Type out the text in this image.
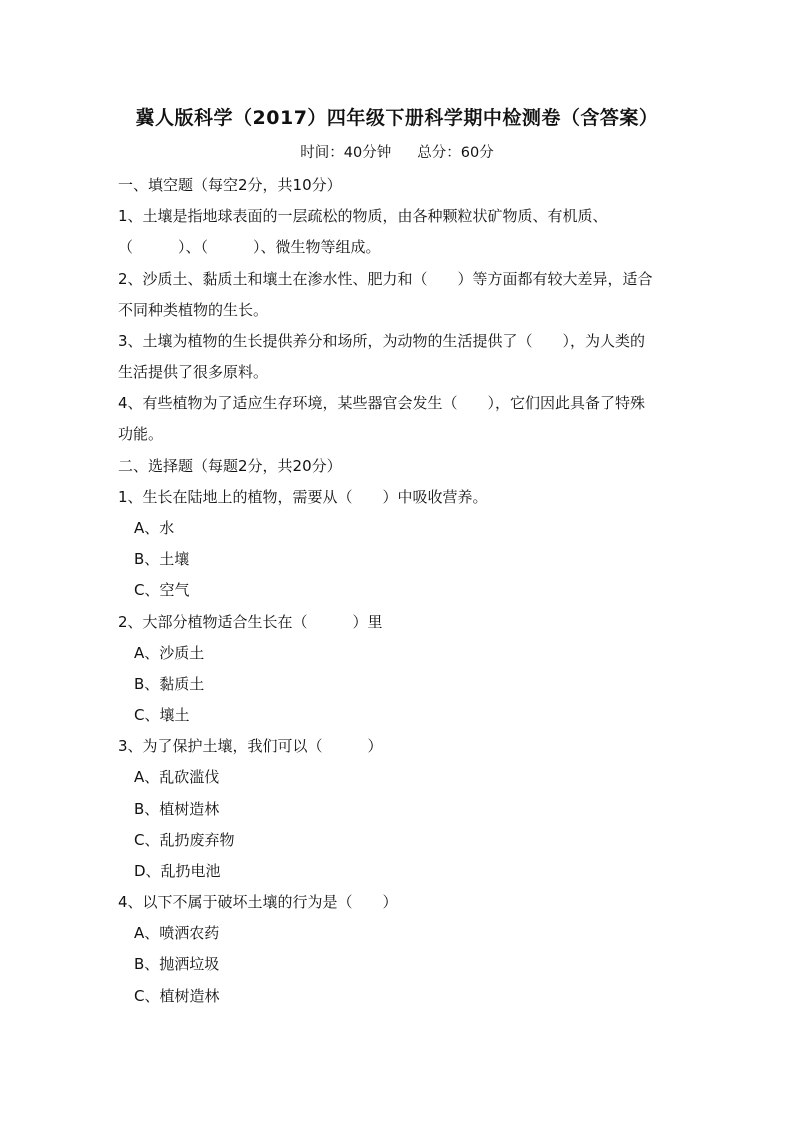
冀人版科学（2017）四年级下册科学期中检测卷（含答案）
时间：40分钟 总分：60分
一、填空题（每空2分，共10分）
1、土壤是指地球表面的一层疏松的物质，由各种颗粒状矿物质、有机质、
（　　　）、（　　　）、微生物等组成。
2、沙质土、黏质土和壤土在渗水性、肥力和（　　）等方面都有较大差异，适合
不同种类植物的生长。
3、土壤为植物的生长提供养分和场所，为动物的生活提供了（　　），为人类的
生活提供了很多原料。
4、有些植物为了适应生存环境，某些器官会发生（　　），它们因此具备了特殊
功能。
二、选择题（每题2分，共20分）
1、生长在陆地上的植物，需要从（　　）中吸收营养。
A、水
B、土壤
C、空气
2、大部分植物适合生长在（　　　）里
A、沙质土
B、黏质土
C、壤土
3、为了保护土壤，我们可以（　　　）
A、乱砍滥伐
B、植树造林
C、乱扔废弃物
D、乱扔电池
4、以下不属于破坏土壤的行为是（　　）
A、喷洒农药
B、抛洒垃圾
C、植树造林
